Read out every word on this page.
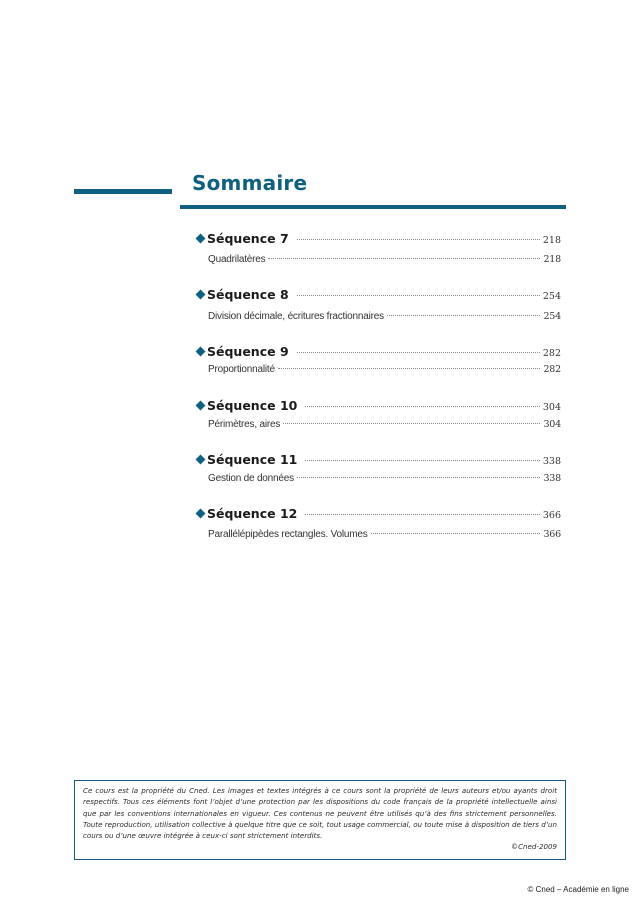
Sommaire
Séquence 7	218
Quadrilatères	218
Séquence 8	254
Division décimale, écritures fractionnaires	254
Séquence 9	282
Proportionnalité	282
Séquence 10	304
Périmètres, aires	304
Séquence 11	338
Gestion de données	338
Séquence 12	366
Parallélépipèdes rectangles. Volumes	366
Ce cours est la propriété du Cned. Les images et textes intégrés à ce cours sont la propriété de leurs auteurs et/ou ayants droit respectifs. Tous ces éléments font l’objet d’une protection par les dispositions du code français de la propriété intellectuelle ainsi que par les conventions internationales en vigueur. Ces contenus ne peuvent être utilisés qu’à des fins strictement personnelles. Toute reproduction, utilisation collective à quelque titre que ce soit, tout usage commercial, ou toute mise à disposition de tiers d’un cours ou d’une œuvre intégrée à ceux-ci sont strictement interdits.
©Cned-2009
© Cned – Académie en ligne
